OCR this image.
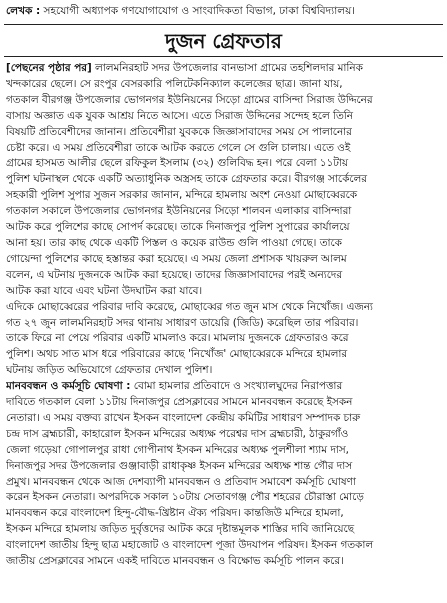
লেখক : সহযোগী অধ্যাপক গণযোগাযোগ ও সাংবাদিকতা বিভাগ, ঢাকা বিশ্ববিদ্যালয়।
দুজন গ্রেফতার
[পেছনের পৃষ্ঠার পর] লালমনিরহাট সদর উপজেলার বানভাসা গ্রামের তহশিলদার মানিক
খন্দকারের ছেলে। সে রংপুর বেসরকারি পলিটেকনিক্যাল কলেজের ছাত্র। জানা যায়,
গতকাল বীরগঞ্জ উপজেলার ভোগনগর ইউনিয়নের সিড়ো গ্রামের বাসিন্দা সিরাজ উদ্দিনের
বাসায় অজ্ঞাত এক যুবক আশ্রয় নিতে আসে। এতে সিরাজ উদ্দিনের সন্দেহ হলে তিনি
বিষয়টি প্রতিবেশীদের জানান। প্রতিবেশীরা যুবককে জিজ্ঞাসাবাদের সময় সে পালানোর
চেষ্টা করে। এ সময় প্রতিবেশীরা তাকে আটক করতে গেলে সে গুলি চালায়। এতে ওই
গ্রামের হাসমত আলীর ছেলে রফিকুল ইসলাম (৩২) গুলিবিদ্ধ হন। পরে বেলা ১১টায়
পুলিশ ঘটনাস্থল থেকে একটি অত্যাধুনিক অস্ত্রসহ তাকে গ্রেফতার করে। বীরগঞ্জ সার্কেলের
সহকারী পুলিশ সুপার সুজন সরকার জানান, মন্দিরে হামলায় অংশ নেওয়া মোছাব্বেরকে
গতকাল সকালে উপজেলার ভোগনগর ইউনিয়নের সিড়ো শালবন এলাকার বাসিন্দারা
আটক করে পুলিশের কাছে সোপর্দ করেছে। তাকে দিনাজপুর পুলিশ সুপারের কার্যালয়ে
আনা হয়। তার কাছ থেকে একটি পিস্তল ও কয়েক রাউন্ড গুলি পাওয়া গেছে। তাকে
গোয়েন্দা পুলিশের কাছে হস্তান্তর করা হয়েছে। এ সময় জেলা প্রশাসক খায়রুল আলম
বলেন, এ ঘটনায় দুজনকে আটক করা হয়েছে। তাদের জিজ্ঞাসাবাদের পরই অন্যদের
আটক করা যাবে এবং ঘটনা উদঘাটন করা যাবে।
এদিকে মোছাব্বেরের পরিবার দাবি করেছে, মোছাব্বের গত জুন মাস থেকে নিখোঁজ। এজন্য
গত ২৭ জুন লালমনিরহাট সদর থানায় সাধারণ ডায়েরি (জিডি) করেছিল তার পরিবার।
তাকে ফিরে না পেয়ে পরিবার একটি মামলাও করে। মামলায় দুজনকে গ্রেফতারও করে
পুলিশ। অথচ সাত মাস ধরে পরিবারের কাছে 'নিখোঁজ' মোছাব্বেরকে মন্দিরে হামলার
ঘটনায় জড়িত অভিযোগে গ্রেফতার দেখাল পুলিশ।
মানববন্ধন ও কর্মসূচি ঘোষণা : বোমা হামলার প্রতিবাদে ও সংখ্যালঘুদের নিরাপত্তার
দাবিতে গতকাল বেলা ১১টায় দিনাজপুর প্রেসক্লাবের সামনে মানববন্ধন করেছে ইসকন
নেতারা। এ সময় বক্তব্য রাখেন ইসকন বাংলাদেশ কেন্দ্রীয় কমিটির সাধারণ সম্পাদক চারু
চন্দ্র দাস ব্রহ্মচারী, কাহারোল ইসকন মন্দিরের অধ্যক্ষ পরেশ্বর দাস ব্রহ্মচারী, ঠাকুরগাঁও
জেলা গড়েয়া গোপালপুর রাধা গোপীনাথ ইসকন মন্দিরের অধ্যক্ষ পুলশীলা শ্যাম দাস,
দিনাজপুর সদর উপজেলার গুঞ্জাবাড়ী রাধাকৃষ্ণ ইসকন মন্দিরের অধ্যক্ষ শান্ত গৌর দাস
প্রমুখ। মানববন্ধন থেকে আজ দেশব্যাপী মানববন্ধন ও প্রতিবাদ সমাবেশ কর্মসূচি ঘোষণা
করেন ইসকন নেতারা। অপরদিকে সকাল ১০টায় সেতাবগঞ্জ পৌর শহরের চৌরাস্তা মোড়ে
মানববন্ধন করে বাংলাদেশ হিন্দু-বৌদ্ধ-খ্রিষ্টান ঐক্য পরিষদ। কান্তজিউ মন্দিরে হামলা,
ইসকন মন্দিরে হামলায় জড়িত দুর্বৃত্তদের আটক করে দৃষ্টান্তমূলক শাস্তির দাবি জানিয়েছে
বাংলাদেশ জাতীয় হিন্দু ছাত্র মহাজোট ও বাংলাদেশ পূজা উদযাপন পরিষদ। ইসকন গতকাল
জাতীয় প্রেসক্লাবের সামনে একই দাবিতে মানববন্ধন ও বিক্ষোভ কর্মসূচি পালন করে।
